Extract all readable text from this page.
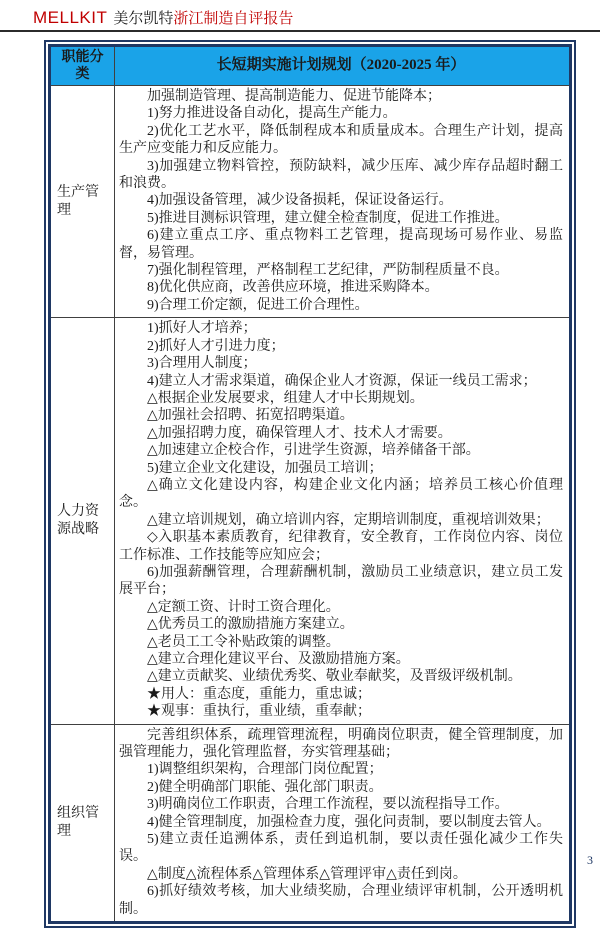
MELLKIT 美尔凯特浙江制造自评报告
职能分类
长短期实施计划规划（2020-2025 年）
生产管理

加强制造管理、提高制造能力、促进节能降本；

1)努力推进设备自动化，提高生产能力。

2)优化工艺水平，降低制程成本和质量成本。合理生产计划，提高生产应变能力和反应能力。

3)加强建立物料管控，预防缺料，减少压库、减少库存品超时翻工和浪费。

4)加强设备管理，减少设备损耗，保证设备运行。

5)推进目测标识管理，建立健全检查制度，促进工作推进。

6)建立重点工序、重点物料工艺管理，提高现场可易作业、易监督，易管理。

7)强化制程管理，严格制程工艺纪律，严防制程质量不良。

8)优化供应商，改善供应环境，推进采购降本。

9)合理工价定额，促进工价合理性。

人力资源战略

1)抓好人才培养；

2)抓好人才引进力度；

3)合理用人制度；

4)建立人才需求渠道，确保企业人才资源，保证一线员工需求；

△根据企业发展要求，组建人才中长期规划。

△加强社会招聘、拓宽招聘渠道。

△加强招聘力度，确保管理人才、技术人才需要。

△加速建立企校合作，引进学生资源，培养储备干部。

5)建立企业文化建设，加强员工培训；

△确立文化建设内容，构建企业文化内涵；培养员工核心价值理念。

△建立培训规划，确立培训内容，定期培训制度，重视培训效果；

◇入职基本素质教育，纪律教育，安全教育，工作岗位内容、岗位工作标准、工作技能等应知应会；

6)加强薪酬管理，合理薪酬机制，激励员工业绩意识，建立员工发展平台；

△定额工资、计时工资合理化。

△优秀员工的激励措施方案建立。

△老员工工令补贴政策的调整。

△建立合理化建议平台、及激励措施方案。

△建立贡献奖、业绩优秀奖、敬业奉献奖，及晋级评级机制。

★用人：重态度，重能力，重忠诚；

★观事：重执行，重业绩，重奉献；

组织管理

完善组织体系，疏理管理流程，明确岗位职责，健全管理制度，加强管理能力，强化管理监督，夯实管理基础；

1)调整组织架构，合理部门岗位配置；

2)健全明确部门职能、强化部门职责。

3)明确岗位工作职责，合理工作流程，要以流程指导工作。

4)健全管理制度，加强检查力度，强化问责制，要以制度去管人。

5)建立责任追溯体系，责任到追机制，要以责任强化减少工作失误。

△制度△流程体系△管理体系△管理评审△责任到岗。

6)抓好绩效考核，加大业绩奖励，合理业绩评审机制，公开透明机制。

3
